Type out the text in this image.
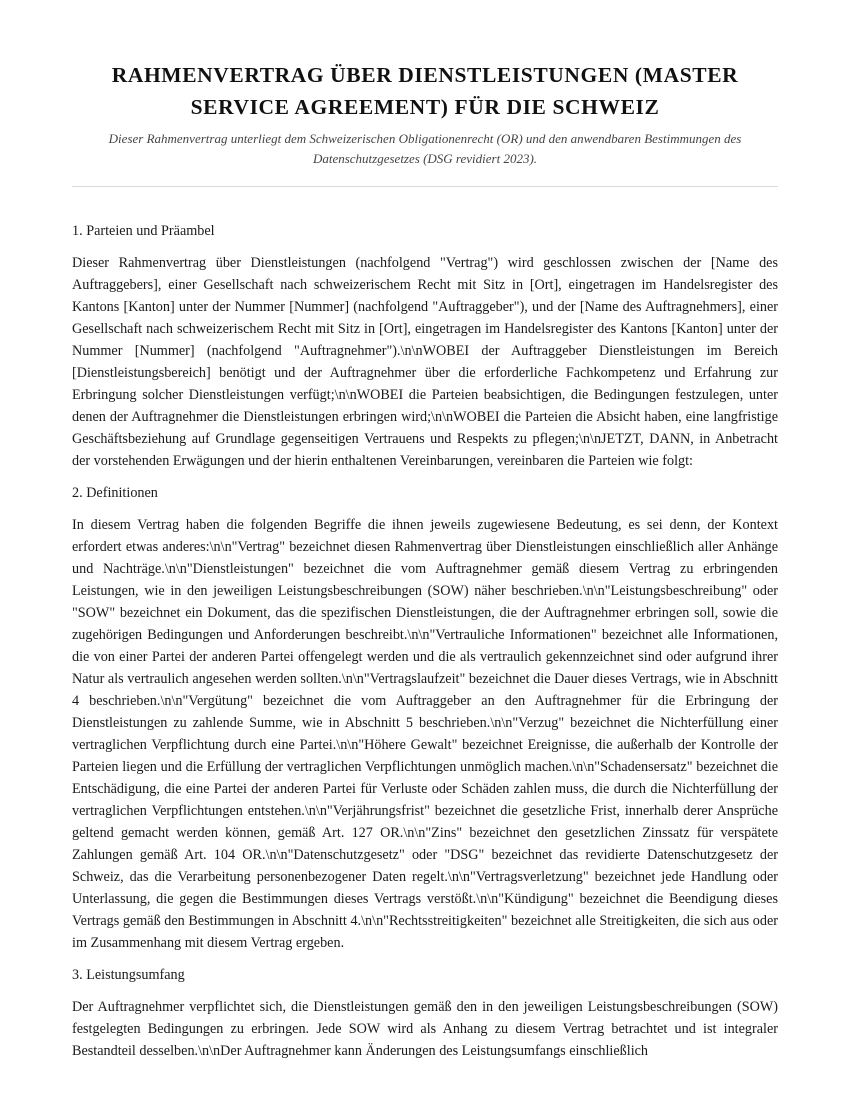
RAHMENVERTRAG ÜBER DIENSTLEISTUNGEN (MASTER SERVICE AGREEMENT) FÜR DIE SCHWEIZ

Dieser Rahmenvertrag unterliegt dem Schweizerischen Obligationenrecht (OR) und den anwendbaren Bestimmungen des Datenschutzgesetzes (DSG revidiert 2023).

1. Parteien und Präambel

Dieser Rahmenvertrag über Dienstleistungen (nachfolgend "Vertrag") wird geschlossen zwischen der [Name des Auftraggebers], einer Gesellschaft nach schweizerischem Recht mit Sitz in [Ort], eingetragen im Handelsregister des Kantons [Kanton] unter der Nummer [Nummer] (nachfolgend "Auftraggeber"), und der [Name des Auftragnehmers], einer Gesellschaft nach schweizerischem Recht mit Sitz in [Ort], eingetragen im Handelsregister des Kantons [Kanton] unter der Nummer [Nummer] (nachfolgend "Auftragnehmer").\n\nWOBEI der Auftraggeber Dienstleistungen im Bereich [Dienstleistungsbereich] benötigt und der Auftragnehmer über die erforderliche Fachkompetenz und Erfahrung zur Erbringung solcher Dienstleistungen verfügt;\n\nWOBEI die Parteien beabsichtigen, die Bedingungen festzulegen, unter denen der Auftragnehmer die Dienstleistungen erbringen wird;\n\nWOBEI die Parteien die Absicht haben, eine langfristige Geschäftsbeziehung auf Grundlage gegenseitigen Vertrauens und Respekts zu pflegen;\n\nJETZT, DANN, in Anbetracht der vorstehenden Erwägungen und der hierin enthaltenen Vereinbarungen, vereinbaren die Parteien wie folgt:

2. Definitionen

In diesem Vertrag haben die folgenden Begriffe die ihnen jeweils zugewiesene Bedeutung, es sei denn, der Kontext erfordert etwas anderes:\n\n"Vertrag" bezeichnet diesen Rahmenvertrag über Dienstleistungen einschließlich aller Anhänge und Nachträge.\n\n"Dienstleistungen" bezeichnet die vom Auftragnehmer gemäß diesem Vertrag zu erbringenden Leistungen, wie in den jeweiligen Leistungsbeschreibungen (SOW) näher beschrieben.\n\n"Leistungsbeschreibung" oder "SOW" bezeichnet ein Dokument, das die spezifischen Dienstleistungen, die der Auftragnehmer erbringen soll, sowie die zugehörigen Bedingungen und Anforderungen beschreibt.\n\n"Vertrauliche Informationen" bezeichnet alle Informationen, die von einer Partei der anderen Partei offengelegt werden und die als vertraulich gekennzeichnet sind oder aufgrund ihrer Natur als vertraulich angesehen werden sollten.\n\n"Vertragslaufzeit" bezeichnet die Dauer dieses Vertrags, wie in Abschnitt 4 beschrieben.\n\n"Vergütung" bezeichnet die vom Auftraggeber an den Auftragnehmer für die Erbringung der Dienstleistungen zu zahlende Summe, wie in Abschnitt 5 beschrieben.\n\n"Verzug" bezeichnet die Nichterfüllung einer vertraglichen Verpflichtung durch eine Partei.\n\n"Höhere Gewalt" bezeichnet Ereignisse, die außerhalb der Kontrolle der Parteien liegen und die Erfüllung der vertraglichen Verpflichtungen unmöglich machen.\n\n"Schadensersatz" bezeichnet die Entschädigung, die eine Partei der anderen Partei für Verluste oder Schäden zahlen muss, die durch die Nichterfüllung der vertraglichen Verpflichtungen entstehen.\n\n"Verjährungsfrist" bezeichnet die gesetzliche Frist, innerhalb derer Ansprüche geltend gemacht werden können, gemäß Art. 127 OR.\n\n"Zins" bezeichnet den gesetzlichen Zinssatz für verspätete Zahlungen gemäß Art. 104 OR.\n\n"Datenschutzgesetz" oder "DSG" bezeichnet das revidierte Datenschutzgesetz der Schweiz, das die Verarbeitung personenbezogener Daten regelt.\n\n"Vertragsverletzung" bezeichnet jede Handlung oder Unterlassung, die gegen die Bestimmungen dieses Vertrags verstößt.\n\n"Kündigung" bezeichnet die Beendigung dieses Vertrags gemäß den Bestimmungen in Abschnitt 4.\n\n"Rechtsstreitigkeiten" bezeichnet alle Streitigkeiten, die sich aus oder im Zusammenhang mit diesem Vertrag ergeben.

3. Leistungsumfang

Der Auftragnehmer verpflichtet sich, die Dienstleistungen gemäß den in den jeweiligen Leistungsbeschreibungen (SOW) festgelegten Bedingungen zu erbringen. Jede SOW wird als Anhang zu diesem Vertrag betrachtet und ist integraler Bestandteil desselben.\n\nDer Auftragnehmer kann Änderungen des Leistungsumfangs einschließlich
